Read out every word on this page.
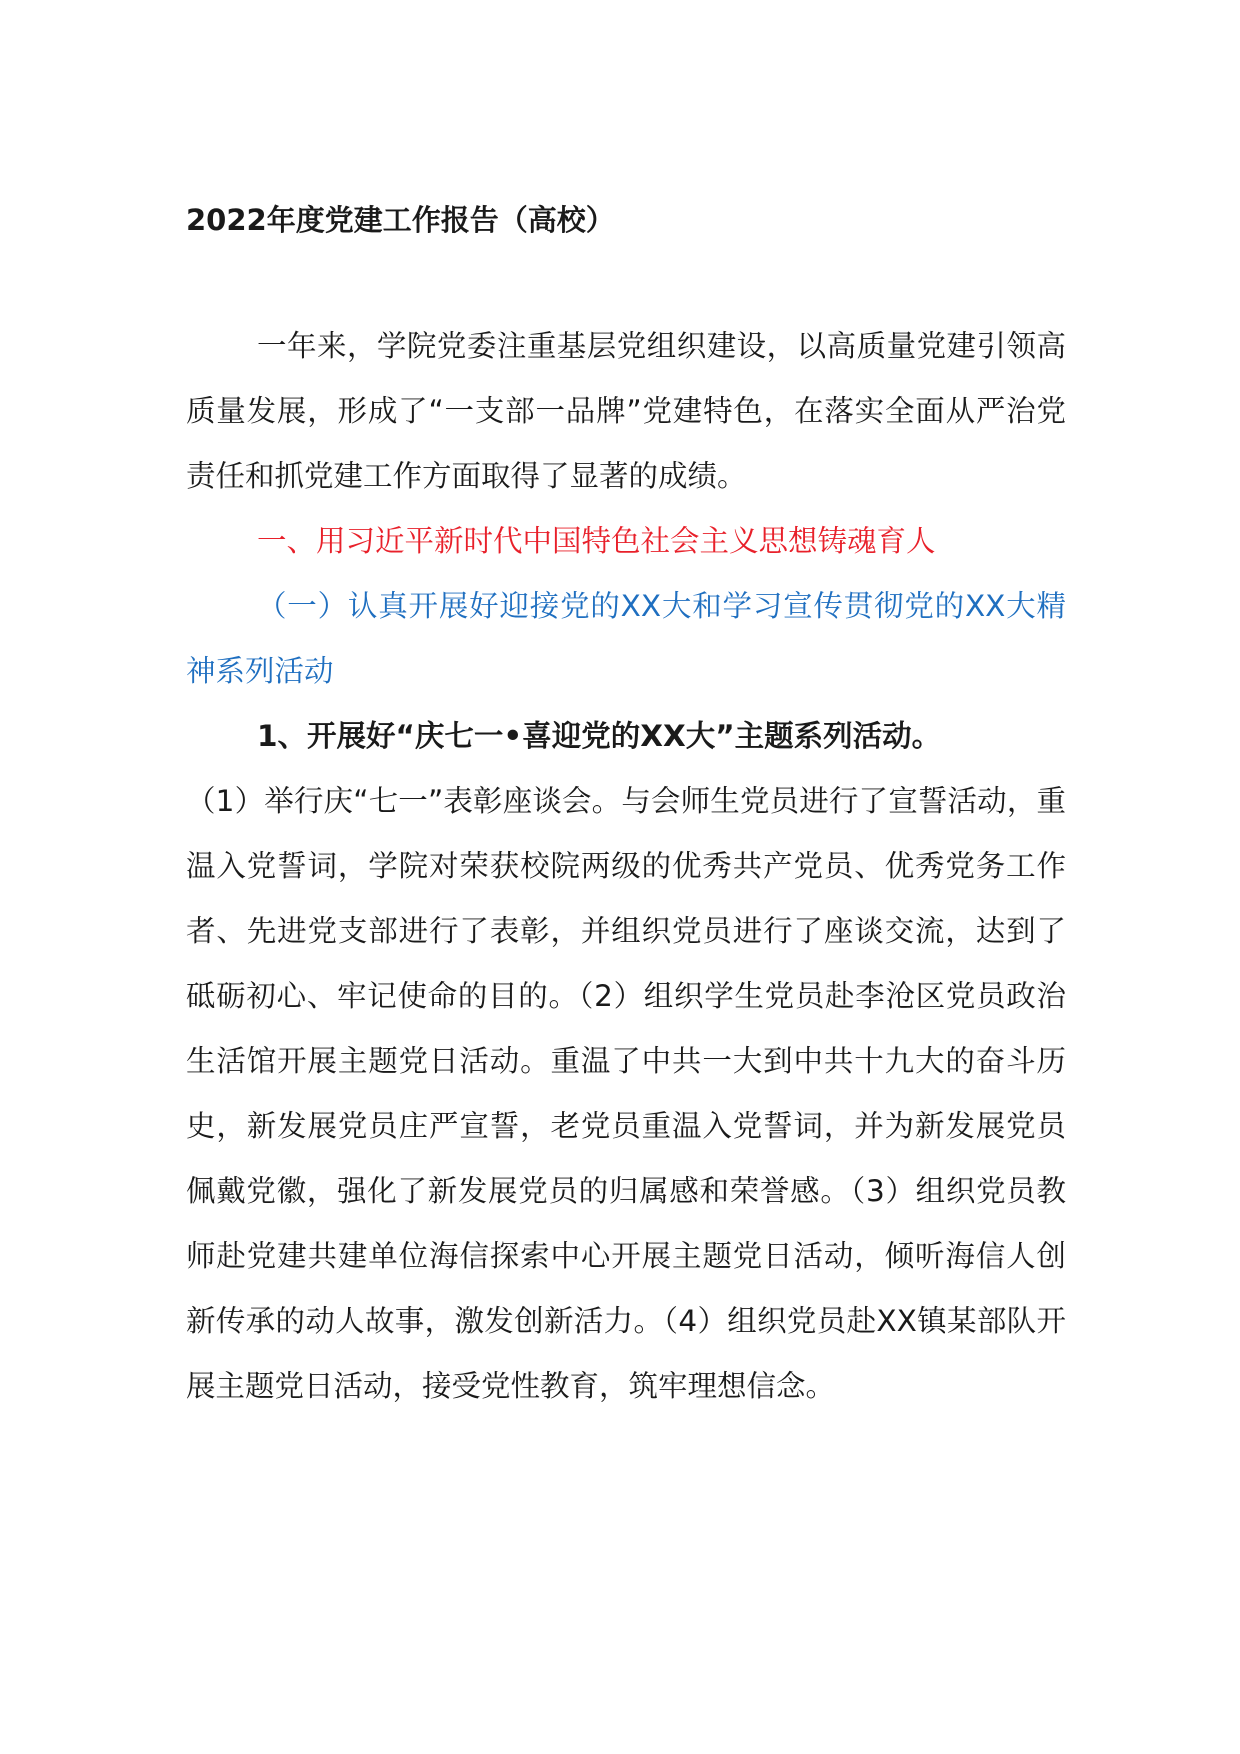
2022年度党建工作报告（高校）

一年来，学院党委注重基层党组织建设，以高质量党建引领高质量发展，形成了“一支部一品牌”党建特色，在落实全面从严治党责任和抓党建工作方面取得了显著的成绩。

一、用习近平新时代中国特色社会主义思想铸魂育人

（一）认真开展好迎接党的XX大和学习宣传贯彻党的XX大精神系列活动

1、开展好“庆七一•喜迎党的XX大”主题系列活动。

（1）举行庆“七一”表彰座谈会。与会师生党员进行了宣誓活动，重温入党誓词，学院对荣获校院两级的优秀共产党员、优秀党务工作者、先进党支部进行了表彰，并组织党员进行了座谈交流，达到了砥砺初心、牢记使命的目的。（2）组织学生党员赴李沧区党员政治生活馆开展主题党日活动。重温了中共一大到中共十九大的奋斗历史，新发展党员庄严宣誓，老党员重温入党誓词，并为新发展党员佩戴党徽，强化了新发展党员的归属感和荣誉感。（3）组织党员教师赴党建共建单位海信探索中心开展主题党日活动，倾听海信人创新传承的动人故事，激发创新活力。（4）组织党员赴XX镇某部队开展主题党日活动，接受党性教育，筑牢理想信念。
